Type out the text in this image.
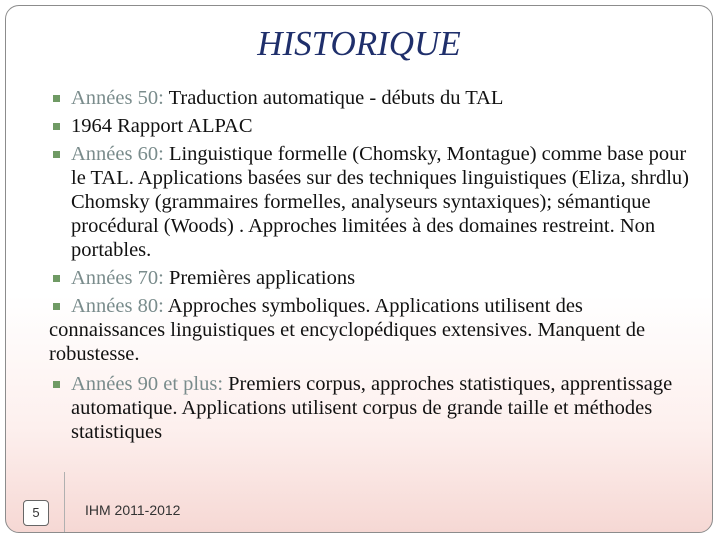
HISTORIQUE
Années 50: Traduction automatique - débuts du TAL
1964 Rapport ALPAC
Années 60: Linguistique formelle (Chomsky, Montague) comme base pour le TAL. Applications basées sur des techniques linguistiques (Eliza, shrdlu) Chomsky (grammaires formelles, analyseurs syntaxiques); sémantique procédural (Woods) . Approches limitées à des domaines restreint. Non portables.
Années 70: Premières applications
Années 80: Approches symboliques. Applications utilisent des connaissances linguistiques et encyclopédiques extensives. Manquent de robustesse.
Années 90 et plus: Premiers corpus, approches statistiques, apprentissage automatique. Applications utilisent corpus de grande taille et méthodes statistiques
5	IHM 2011-2012
